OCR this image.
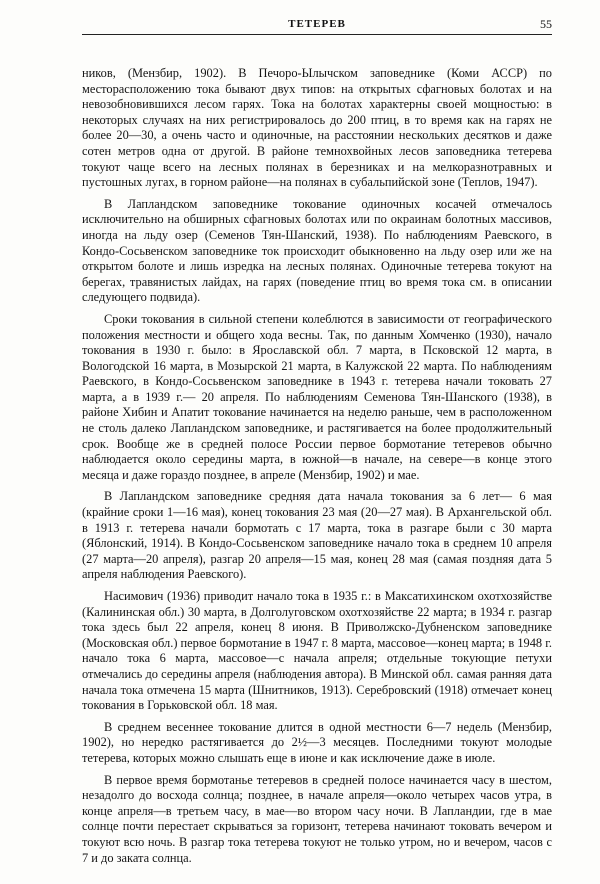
ТЕТЕРЕВ	55

ников, (Мензбир, 1902). В Печоро-Ылычском заповеднике (Коми АССР) по месторасположению тока бывают двух типов: на открытых сфагновых болотах и на невозобновившихся лесом гарях. Тока на болотах характерны своей мощностью: в некоторых случаях на них регистрировалось до 200 птиц, в то время как на гарях не более 20—30, а очень часто и одиночные, на расстоянии нескольких десятков и даже сотен метров одна от другой. В районе темнохвойных лесов заповедника тетерева токуют чаще всего на лесных полянах в березниках и на мелкоразнотравных и пустошных лугах, в горном районе—на полянах в субальпийской зоне (Теплов, 1947).

В Лапландском заповеднике токование одиночных косачей отмечалось исключительно на обширных сфагновых болотах или по окраинам болотных массивов, иногда на льду озер (Семенов Тян-Шанский, 1938). По наблюдениям Раевского, в Кондо-Сосьвенском заповеднике ток происходит обыкновенно на льду озер или же на открытом болоте и лишь изредка на лесных полянах. Одиночные тетерева токуют на берегах, травянистых лайдах, на гарях (поведение птиц во время тока см. в описании следующего подвида).

Сроки токования в сильной степени колеблются в зависимости от географического положения местности и общего хода весны. Так, по данным Хомченко (1930), начало токования в 1930 г. было: в Ярославской обл. 7 марта, в Псковской 12 марта, в Вологодской 16 марта, в Мозырской 21 марта, в Калужской 22 марта. По наблюдениям Раевского, в Кондо-Сосьвенском заповеднике в 1943 г. тетерева начали токовать 27 марта, а в 1939 г.— 20 апреля. По наблюдениям Семенова Тян-Шанского (1938), в районе Хибин и Апатит токование начинается на неделю раньше, чем в расположенном не столь далеко Лапландском заповеднике, и растягивается на более продолжительный срок. Вообще же в средней полосе России первое бормотание тетеревов обычно наблюдается около середины марта, в южной—в начале, на севере—в конце этого месяца и даже гораздо позднее, в апреле (Мензбир, 1902) и мае.

В Лапландском заповеднике средняя дата начала токования за 6 лет— 6 мая (крайние сроки 1—16 мая), конец токования 23 мая (20—27 мая). В Архангельской обл. в 1913 г. тетерева начали бормотать с 17 марта, тока в разгаре были с 30 марта (Яблонский, 1914). В Кондо-Сосьвенском заповеднике начало тока в среднем 10 апреля (27 марта—20 апреля), разгар 20 апреля—15 мая, конец 28 мая (самая поздняя дата 5 апреля наблюдения Раевского).

Насимович (1936) приводит начало тока в 1935 г.: в Максатихинском охотхозяйстве (Калининская обл.) 30 марта, в Долголуговском охотхозяйстве 22 марта; в 1934 г. разгар тока здесь был 22 апреля, конец 8 июня. В Приволжско-Дубненском заповеднике (Московская обл.) первое бормотание в 1947 г. 8 марта, массовое—конец марта; в 1948 г. начало тока 6 марта, массовое—с начала апреля; отдельные токующие петухи отмечались до середины апреля (наблюдения автора). В Минской обл. самая ранняя дата начала тока отмечена 15 марта (Шнитников, 1913). Серебровский (1918) отмечает конец токования в Горьковской обл. 18 мая.

В среднем весеннее токование длится в одной местности 6—7 недель (Мензбир, 1902), но нередко растягивается до 2½—3 месяцев. Последними токуют молодые тетерева, которых можно слышать еще в июне и как исключение даже в июле.

В первое время бормотанье тетеревов в средней полосе начинается часу в шестом, незадолго до восхода солнца; позднее, в начале апреля—около четырех часов утра, в конце апреля—в третьем часу, в мае—во втором часу ночи. В Лапландии, где в мае солнце почти перестает скрываться за горизонт, тетерева начинают токовать вечером и токуют всю ночь. В разгар тока тетерева токуют не только утром, но и вечером, часов с 7 и до заката солнца.
